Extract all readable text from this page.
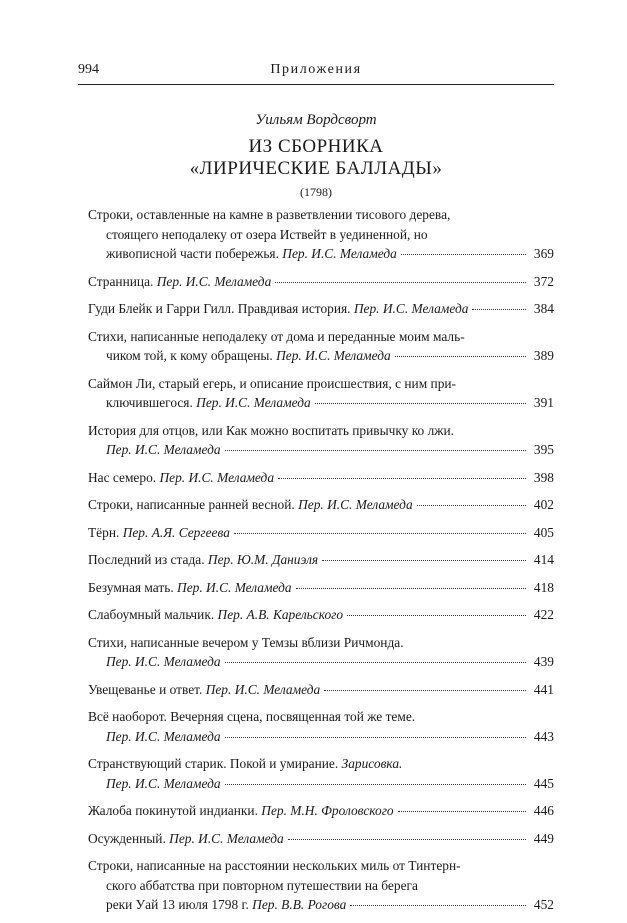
994	Приложения
Уильям Вордсворт
ИЗ СБОРНИКА
«ЛИРИЧЕСКИЕ БАЛЛАДЫ»
(1798)
Строки, оставленные на камне в разветвлении тисового дерева,
стоящего неподалеку от озера Иствейт в уединенной, но
живописной части побережья. Пер. И.С. Меламеда	369
Странница. Пер. И.С. Меламеда	372
Гуди Блейк и Гарри Гилл. Правдивая история. Пер. И.С. Меламеда	384
Стихи, написанные неподалеку от дома и переданные моим маль-
чиком той, к кому обращены. Пер. И.С. Меламеда	389
Саймон Ли, старый егерь, и описание происшествия, с ним при-
ключившегося. Пер. И.С. Меламеда	391
История для отцов, или Как можно воспитать привычку ко лжи.
Пер. И.С. Меламеда	395
Нас семеро. Пер. И.С. Меламеда	398
Строки, написанные ранней весной. Пер. И.С. Меламеда	402
Тёрн. Пер. А.Я. Сергеева	405
Последний из стада. Пер. Ю.М. Даниэля	414
Безумная мать. Пер. И.С. Меламеда	418
Слабоумный мальчик. Пер. А.В. Карельского	422
Стихи, написанные вечером у Темзы вблизи Ричмонда.
Пер. И.С. Меламеда	439
Увещеванье и ответ. Пер. И.С. Меламеда	441
Всё наоборот. Вечерняя сцена, посвященная той же теме.
Пер. И.С. Меламеда	443
Странствующий старик. Покой и умирание. Зарисовка.
Пер. И.С. Меламеда	445
Жалоба покинутой индианки. Пер. М.Н. Фроловского	446
Осужденный. Пер. И.С. Меламеда	449
Строки, написанные на расстоянии нескольких миль от Тинтерн-
ского аббатства при повторном путешествии на берега
реки Уай 13 июля 1798 г. Пер. В.В. Рогова	452
